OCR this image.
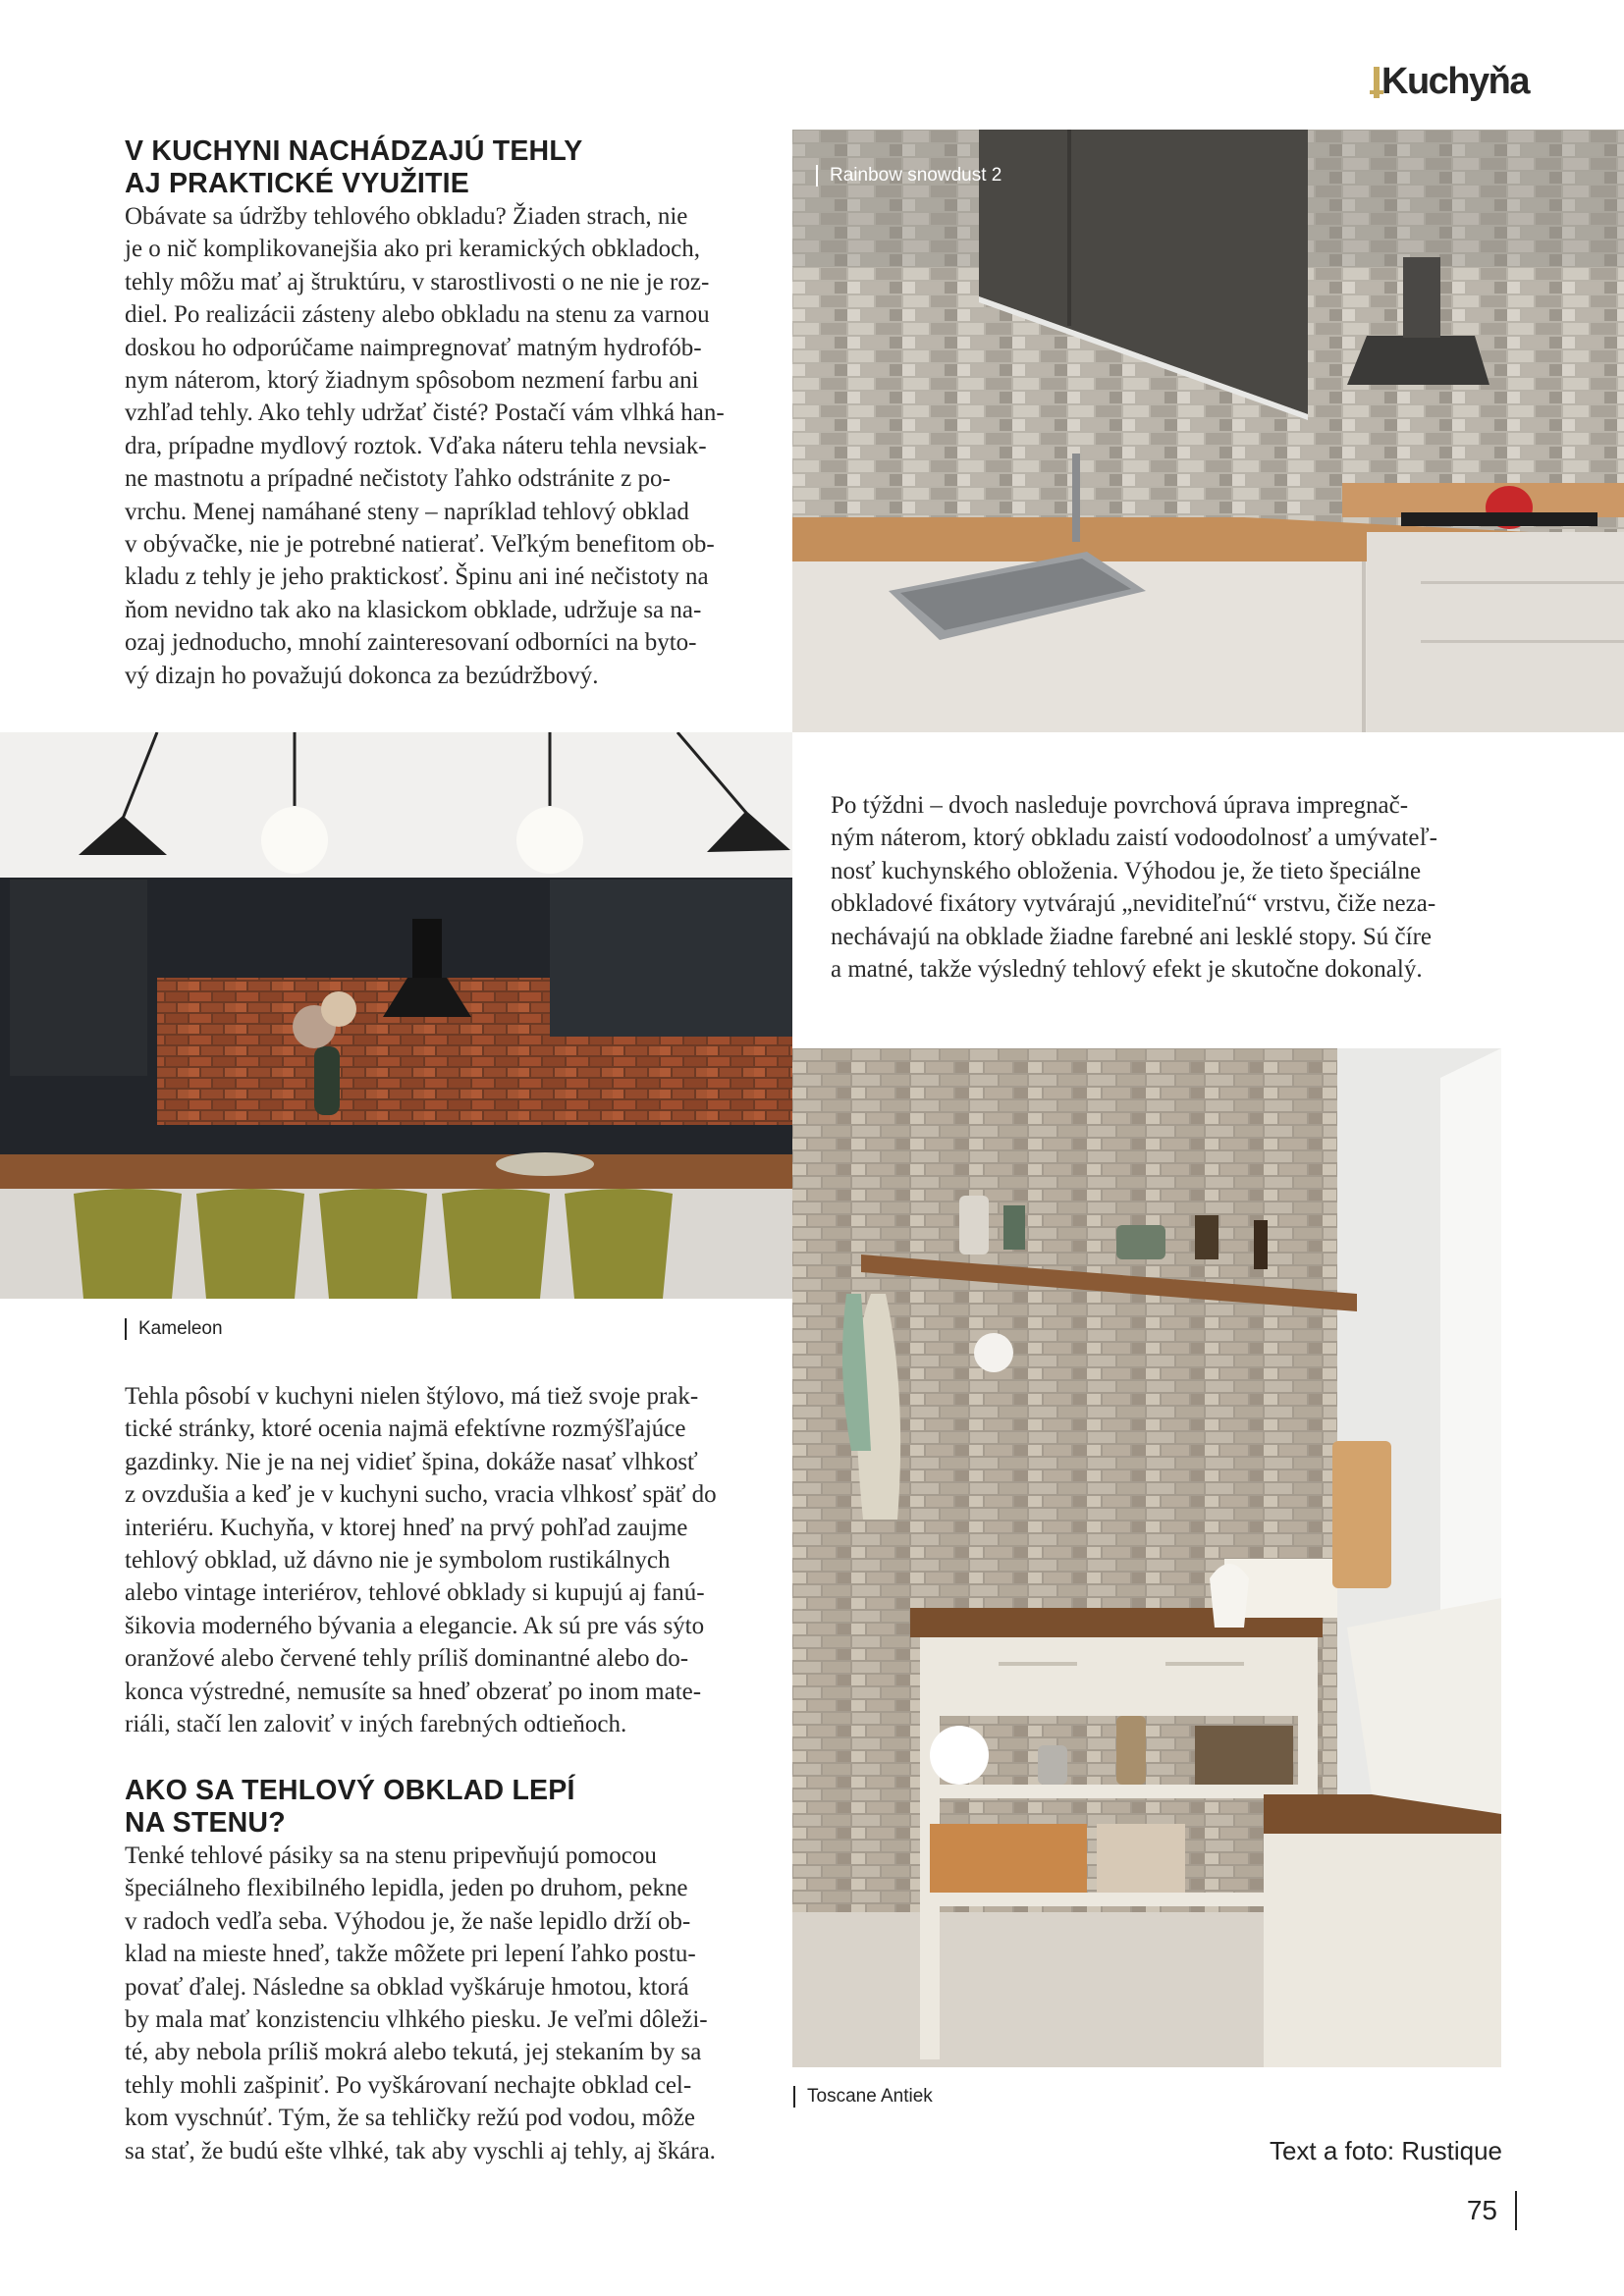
Kuchyňa
V KUCHYNI NACHÁDZAJÚ TEHLY
AJ PRAKTICKÉ VYUŽITIE
Obávate sa údržby tehlového obkladu? Žiaden strach, nie
je o nič komplikovanejšia ako pri keramických obkladoch,
tehly môžu mať aj štruktúru, v starostlivosti o ne nie je roz-
diel. Po realizácii zásteny alebo obkladu na stenu za varnou
doskou ho odporúčame naimpregnovať matným hydrofób-
nym náterom, ktorý žiadnym spôsobom nezmení farbu ani
vzhľad tehly. Ako tehly udržať čisté? Postačí vám vlhká han-
dra, prípadne mydlový roztok. Vďaka náteru tehla nevsiak-
ne mastnotu a prípadné nečistoty ľahko odstránite z po-
vrchu. Menej namáhané steny – napríklad tehlový obklad
v obývačke, nie je potrebné natierať. Veľkým benefitom ob-
kladu z tehly je jeho praktickosť. Špinu ani iné nečistoty na
ňom nevidno tak ako na klasickom obklade, udržuje sa na-
ozaj jednoducho, mnohí zainteresovaní odborníci na byto-
vý dizajn ho považujú dokonca za bezúdržbový.
Rainbow snowdust 2
Kameleon
Po týždni – dvoch nasleduje povrchová úprava impregnač-
ným náterom, ktorý obkladu zaistí vodoodolnosť a umývateľ-
nosť kuchynského obloženia. Výhodou je, že tieto špeciálne
obkladové fixátory vytvárajú „neviditeľnú“ vrstvu, čiže neza-
nechávajú na obklade žiadne farebné ani lesklé stopy. Sú číre
a matné, takže výsledný tehlový efekt je skutočne dokonalý.
Toscane Antiek
Tehla pôsobí v kuchyni nielen štýlovo, má tiež svoje prak-
tické stránky, ktoré ocenia najmä efektívne rozmýšľajúce
gazdinky. Nie je na nej vidieť špina, dokáže nasať vlhkosť
z ovzdušia a keď je v kuchyni sucho, vracia vlhkosť späť do
interiéru. Kuchyňa, v ktorej hneď na prvý pohľad zaujme
tehlový obklad, už dávno nie je symbolom rustikálnych
alebo vintage interiérov, tehlové obklady si kupujú aj fanú-
šikovia moderného bývania a elegancie. Ak sú pre vás sýto
oranžové alebo červené tehly príliš dominantné alebo do-
konca výstredné, nemusíte sa hneď obzerať po inom mate-
riáli, stačí len zaloviť v iných farebných odtieňoch.
AKO SA TEHLOVÝ OBKLAD LEPÍ
NA STENU?
Tenké tehlové pásiky sa na stenu pripevňujú pomocou
špeciálneho flexibilného lepidla, jeden po druhom, pekne
v radoch vedľa seba. Výhodou je, že naše lepidlo drží ob-
klad na mieste hneď, takže môžete pri lepení ľahko postu-
povať ďalej. Následne sa obklad vyškáruje hmotou, ktorá
by mala mať konzistenciu vlhkého piesku. Je veľmi dôleži-
té, aby nebola príliš mokrá alebo tekutá, jej stekaním by sa
tehly mohli zašpiniť. Po vyškárovaní nechajte obklad cel-
kom vyschnúť. Tým, že sa tehličky režú pod vodou, môže
sa stať, že budú ešte vlhké, tak aby vyschli aj tehly, aj škára.	Text a foto: Rustique
75
